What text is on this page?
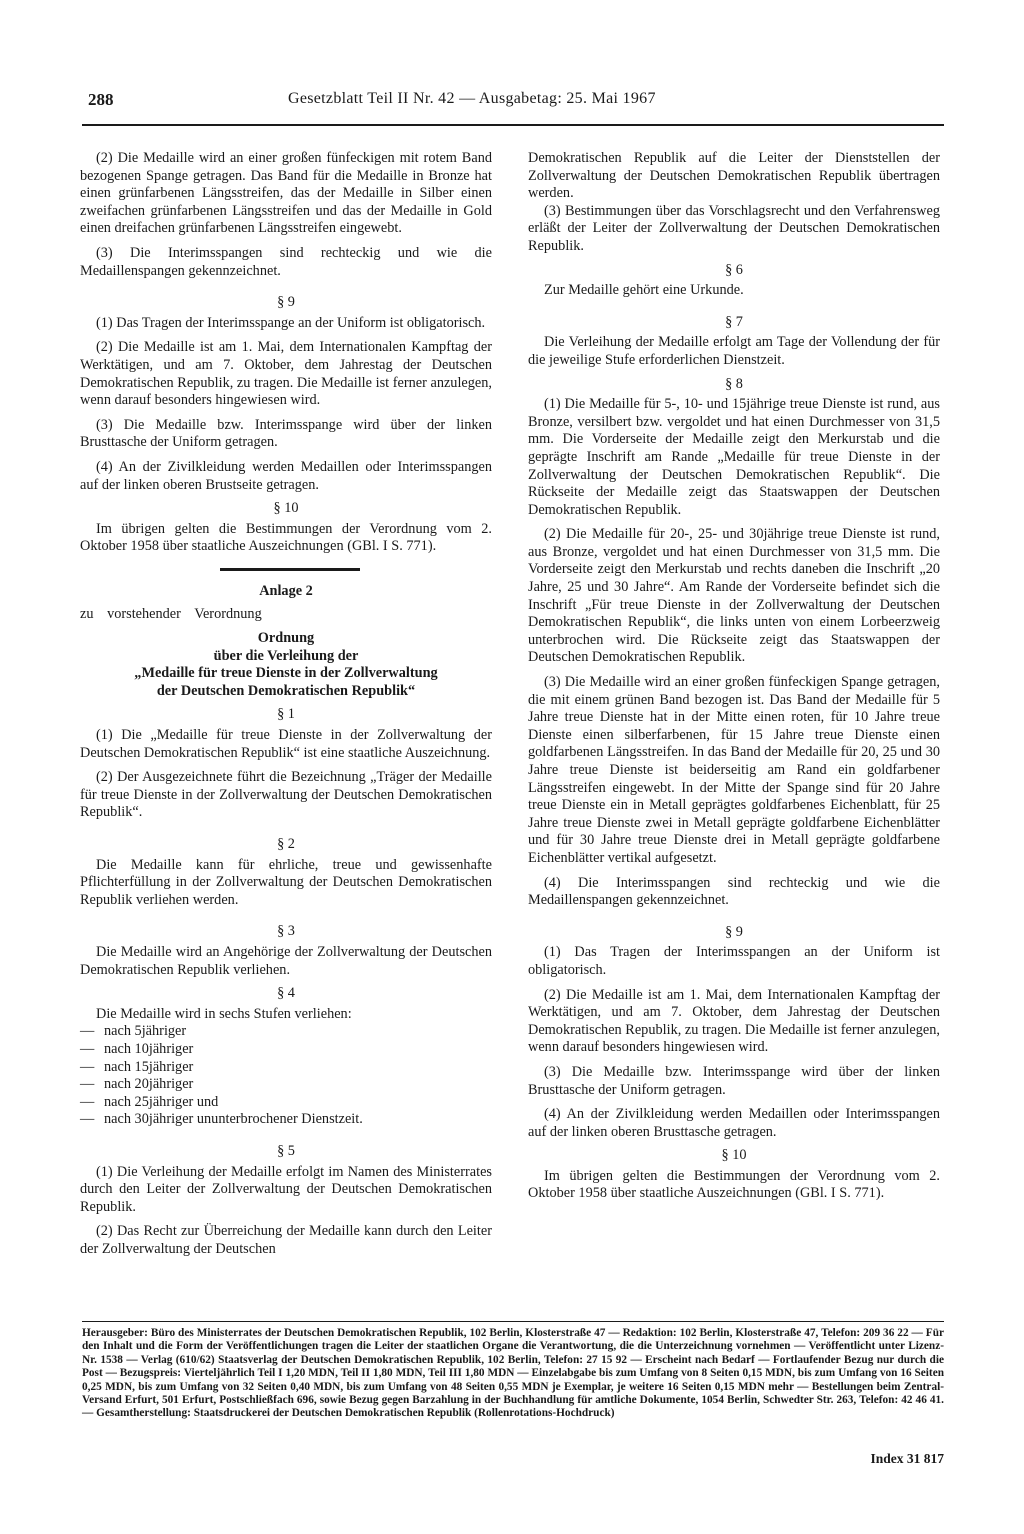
288	Gesetzblatt Teil II Nr. 42 — Ausgabetag: 25. Mai 1967

(2) Die Medaille wird an einer großen fünfeckigen mit rotem Band bezogenen Spange getragen. Das Band für die Medaille in Bronze hat einen grünfarbenen Längsstreifen, das der Medaille in Silber einen zweifachen grünfarbenen Längsstreifen und das der Medaille in Gold einen dreifachen grünfarbenen Längsstreifen eingewebt.

(3) Die Interimsspangen sind rechteckig und wie die Medaillenspangen gekennzeichnet.

§ 9

(1) Das Tragen der Interimsspange an der Uniform ist obligatorisch.

(2) Die Medaille ist am 1. Mai, dem Internationalen Kampftag der Werktätigen, und am 7. Oktober, dem Jahrestag der Deutschen Demokratischen Republik, zu tragen. Die Medaille ist ferner anzulegen, wenn darauf besonders hingewiesen wird.

(3) Die Medaille bzw. Interimsspange wird über der linken Brusttasche der Uniform getragen.

(4) An der Zivilkleidung werden Medaillen oder Interimsspangen auf der linken oberen Brustseite getragen.

§ 10

Im übrigen gelten die Bestimmungen der Verordnung vom 2. Oktober 1958 über staatliche Auszeichnungen (GBl. I S. 771).

Anlage 2

zu vorstehender Verordnung

Ordnung
über die Verleihung der
„Medaille für treue Dienste in der Zollverwaltung
der Deutschen Demokratischen Republik“
§ 1

(1) Die „Medaille für treue Dienste in der Zollverwaltung der Deutschen Demokratischen Republik“ ist eine staatliche Auszeichnung.

(2) Der Ausgezeichnete führt die Bezeichnung „Träger der Medaille für treue Dienste in der Zollverwaltung der Deutschen Demokratischen Republik“.

§ 2

Die Medaille kann für ehrliche, treue und gewissenhafte Pflichterfüllung in der Zollverwaltung der Deutschen Demokratischen Republik verliehen werden.

§ 3

Die Medaille wird an Angehörige der Zollverwaltung der Deutschen Demokratischen Republik verliehen.

§ 4

Die Medaille wird in sechs Stufen verliehen:

— nach 5jähriger
— nach 10jähriger
— nach 15jähriger
— nach 20jähriger
— nach 25jähriger und
— nach 30jähriger ununterbrochener Dienstzeit.
§ 5

(1) Die Verleihung der Medaille erfolgt im Namen des Ministerrates durch den Leiter der Zollverwaltung der Deutschen Demokratischen Republik.

(2) Das Recht zur Überreichung der Medaille kann durch den Leiter der Zollverwaltung der Deutschen

Demokratischen Republik auf die Leiter der Dienststellen der Zollverwaltung der Deutschen Demokratischen Republik übertragen werden.

(3) Bestimmungen über das Vorschlagsrecht und den Verfahrensweg erläßt der Leiter der Zollverwaltung der Deutschen Demokratischen Republik.

§ 6

Zur Medaille gehört eine Urkunde.

§ 7

Die Verleihung der Medaille erfolgt am Tage der Vollendung der für die jeweilige Stufe erforderlichen Dienstzeit.

§ 8

(1) Die Medaille für 5-, 10- und 15jährige treue Dienste ist rund, aus Bronze, versilbert bzw. vergoldet und hat einen Durchmesser von 31,5 mm. Die Vorderseite der Medaille zeigt den Merkurstab und die geprägte Inschrift am Rande „Medaille für treue Dienste in der Zollverwaltung der Deutschen Demokratischen Republik“. Die Rückseite der Medaille zeigt das Staatswappen der Deutschen Demokratischen Republik.

(2) Die Medaille für 20-, 25- und 30jährige treue Dienste ist rund, aus Bronze, vergoldet und hat einen Durchmesser von 31,5 mm. Die Vorderseite zeigt den Merkurstab und rechts daneben die Inschrift „20 Jahre, 25 und 30 Jahre“. Am Rande der Vorderseite befindet sich die Inschrift „Für treue Dienste in der Zollverwaltung der Deutschen Demokratischen Republik“, die links unten von einem Lorbeerzweig unterbrochen wird. Die Rückseite zeigt das Staatswappen der Deutschen Demokratischen Republik.

(3) Die Medaille wird an einer großen fünfeckigen Spange getragen, die mit einem grünen Band bezogen ist. Das Band der Medaille für 5 Jahre treue Dienste hat in der Mitte einen roten, für 10 Jahre treue Dienste einen silberfarbenen, für 15 Jahre treue Dienste einen goldfarbenen Längsstreifen. In das Band der Medaille für 20, 25 und 30 Jahre treue Dienste ist beiderseitig am Rand ein goldfarbener Längsstreifen eingewebt. In der Mitte der Spange sind für 20 Jahre treue Dienste ein in Metall geprägtes goldfarbenes Eichenblatt, für 25 Jahre treue Dienste zwei in Metall geprägte goldfarbene Eichenblätter und für 30 Jahre treue Dienste drei in Metall geprägte goldfarbene Eichenblätter vertikal aufgesetzt.

(4) Die Interimsspangen sind rechteckig und wie die Medaillenspangen gekennzeichnet.

§ 9

(1) Das Tragen der Interimsspangen an der Uniform ist obligatorisch.

(2) Die Medaille ist am 1. Mai, dem Internationalen Kampftag der Werktätigen, und am 7. Oktober, dem Jahrestag der Deutschen Demokratischen Republik, zu tragen. Die Medaille ist ferner anzulegen, wenn darauf besonders hingewiesen wird.

(3) Die Medaille bzw. Interimsspange wird über der linken Brusttasche der Uniform getragen.

(4) An der Zivilkleidung werden Medaillen oder Interimsspangen auf der linken oberen Brusttasche getragen.

§ 10

Im übrigen gelten die Bestimmungen der Verordnung vom 2. Oktober 1958 über staatliche Auszeichnungen (GBl. I S. 771).

Herausgeber: Büro des Ministerrates der Deutschen Demokratischen Republik, 102 Berlin, Klosterstraße 47 — Redaktion: 102 Berlin, Klosterstraße 47, Telefon: 209 36 22 — Für den Inhalt und die Form der Veröffentlichungen tragen die Leiter der staatlichen Organe die Verantwortung, die die Unterzeichnung vornehmen — Veröffentlicht unter Lizenz-Nr. 1538 — Verlag (610/62) Staatsverlag der Deutschen Demokratischen Republik, 102 Berlin, Telefon: 27 15 92 — Erscheint nach Bedarf — Fortlaufender Bezug nur durch die Post — Bezugspreis: Vierteljährlich Teil I 1,20 MDN, Teil II 1,80 MDN, Teil III 1,80 MDN — Einzelabgabe bis zum Umfang von 8 Seiten 0,15 MDN, bis zum Umfang von 16 Seiten 0,25 MDN, bis zum Umfang von 32 Seiten 0,40 MDN, bis zum Umfang von 48 Seiten 0,55 MDN je Exemplar, je weitere 16 Seiten 0,15 MDN mehr — Bestellungen beim Zentral-Versand Erfurt, 501 Erfurt, Postschließfach 696, sowie Bezug gegen Barzahlung in der Buchhandlung für amtliche Dokumente, 1054 Berlin, Schwedter Str. 263, Telefon: 42 46 41. — Gesamtherstellung: Staatsdruckerei der Deutschen Demokratischen Republik (Rollenrotations-Hochdruck)
Index 31 817
